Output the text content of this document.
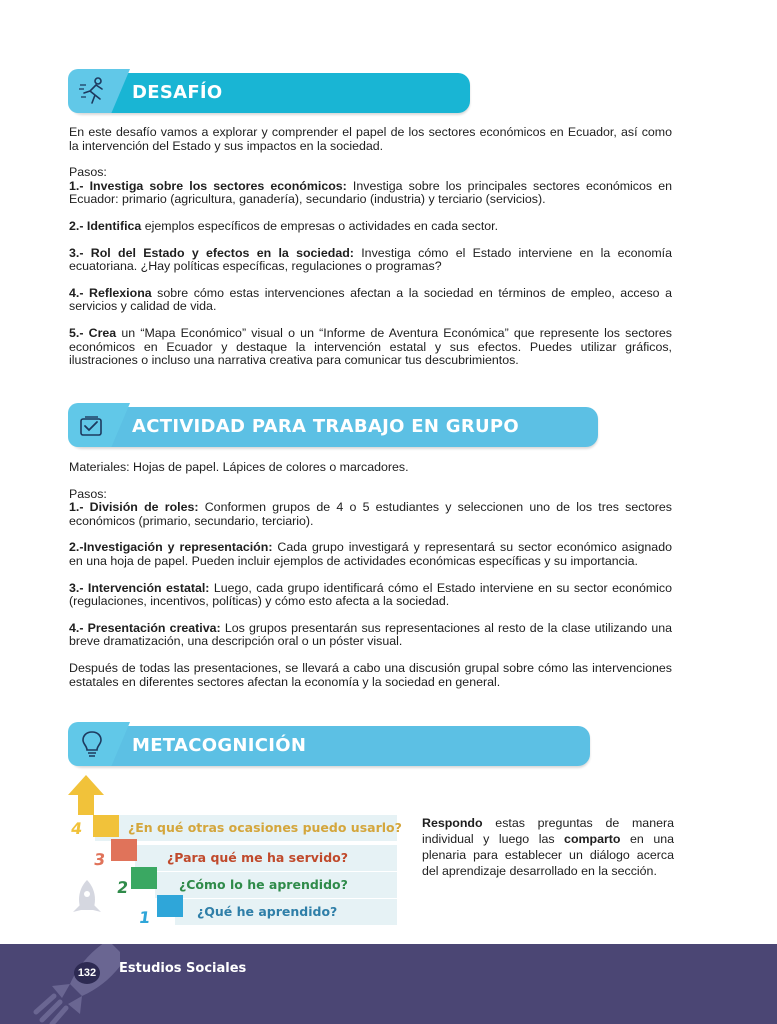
DESAFÍO

En este desafío vamos a explorar y comprender el papel de los sectores económicos en Ecuador, así como la intervención del Estado y sus impactos en la sociedad.

Pasos:

1.- Investiga sobre los sectores económicos: Investiga sobre los principales sectores económicos en Ecuador: primario (agricultura, ganadería), secundario (industria) y terciario (servicios).

2.- Identifica ejemplos específicos de empresas o actividades en cada sector.

3.- Rol del Estado y efectos en la sociedad: Investiga cómo el Estado interviene en la economía ecuatoriana. ¿Hay políticas específicas, regulaciones o programas?

4.- Reflexiona sobre cómo estas intervenciones afectan a la sociedad en términos de empleo, acceso a servicios y calidad de vida.

5.- Crea un “Mapa Económico” visual o un “Informe de Aventura Económica” que represente los sectores económicos en Ecuador y destaque la intervención estatal y sus efectos. Puedes utilizar gráficos, ilustraciones o incluso una narrativa creativa para comunicar tus descubrimientos.

ACTIVIDAD PARA TRABAJO EN GRUPO

Materiales: Hojas de papel. Lápices de colores o marcadores.

Pasos:

1.- División de roles: Conformen grupos de 4 o 5 estudiantes y seleccionen uno de los tres sectores económicos (primario, secundario, terciario).

2.-Investigación y representación: Cada grupo investigará y representará su sector económico asignado en una hoja de papel. Pueden incluir ejemplos de actividades económicas específicas y su importancia.

3.- Intervención estatal: Luego, cada grupo identificará cómo el Estado interviene en su sector económico (regulaciones, incentivos, políticas) y cómo esto afecta a la sociedad.

4.- Presentación creativa: Los grupos presentarán sus representaciones al resto de la clase utilizando una breve dramatización, una descripción oral o un póster visual.

Después de todas las presentaciones, se llevará a cabo una discusión grupal sobre cómo las intervenciones estatales en diferentes sectores afectan la economía y la sociedad en general.

METACOGNICIÓN
¿En qué otras ocasiones puedo usarlo?
¿Para qué me ha servido?
¿Cómo lo he aprendido?
¿Qué he aprendido?
4
3
2
1
Respondo estas preguntas de manera individual y luego las comparto en una plenaria para establecer un diálogo acerca del aprendizaje desarrollado en la sección.
132 Estudios Sociales
